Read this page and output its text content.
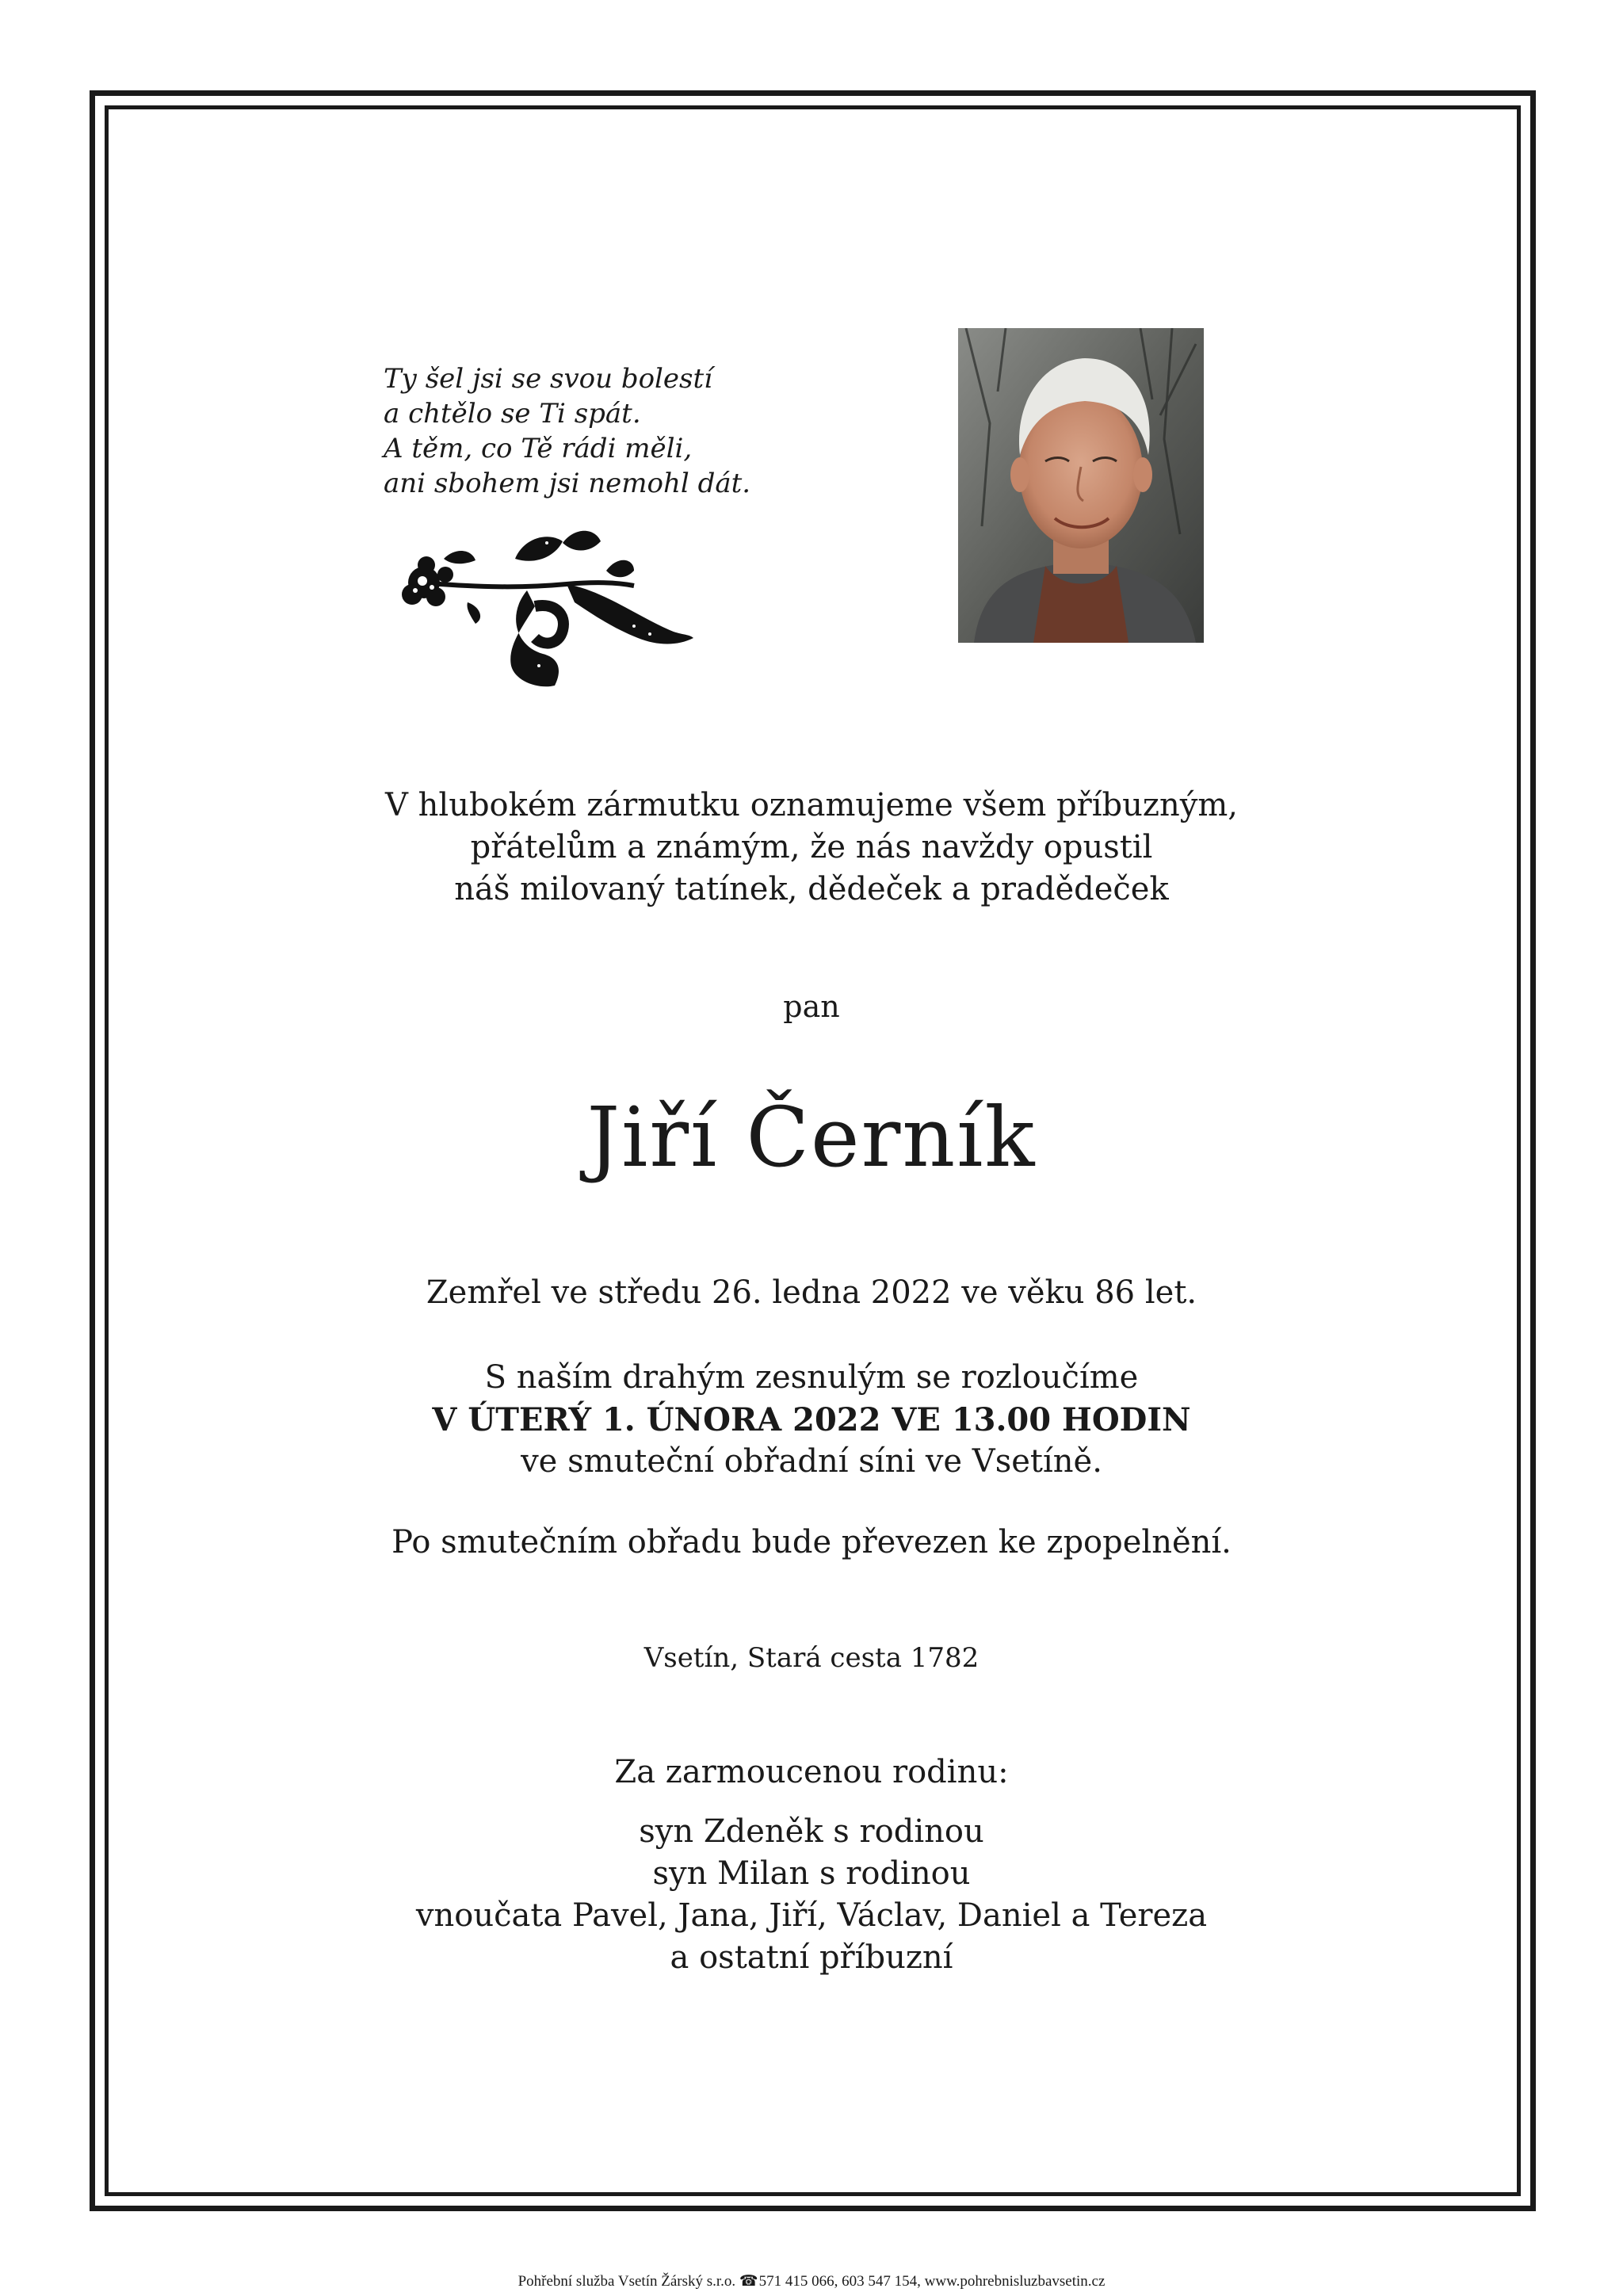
Ty šel jsi se svou bolestí
a chtělo se Ti spát.
A těm, co Tě rádi měli,
ani sbohem jsi nemohl dát.
V hlubokém zármutku oznamujeme všem příbuzným,
přátelům a známým, že nás navždy opustil
náš milovaný tatínek, dědeček a pradědeček
pan
Jiří Černík
Zemřel ve středu 26. ledna 2022 ve věku 86 let.
S naším drahým zesnulým se rozloučíme
V ÚTERÝ 1. ÚNORA 2022 VE 13.00 HODIN
ve smuteční obřadní síni ve Vsetíně.
Po smutečním obřadu bude převezen ke zpopelnění.
Vsetín, Stará cesta 1782
Za zarmoucenou rodinu:
syn Zdeněk s rodinou
syn Milan s rodinou
vnoučata Pavel, Jana, Jiří, Václav, Daniel a Tereza
a ostatní příbuzní
Pohřební služba Vsetín Žárský s.r.o. ☎ 571 415 066, 603 547 154, www.pohrebnisluzbavsetin.cz
